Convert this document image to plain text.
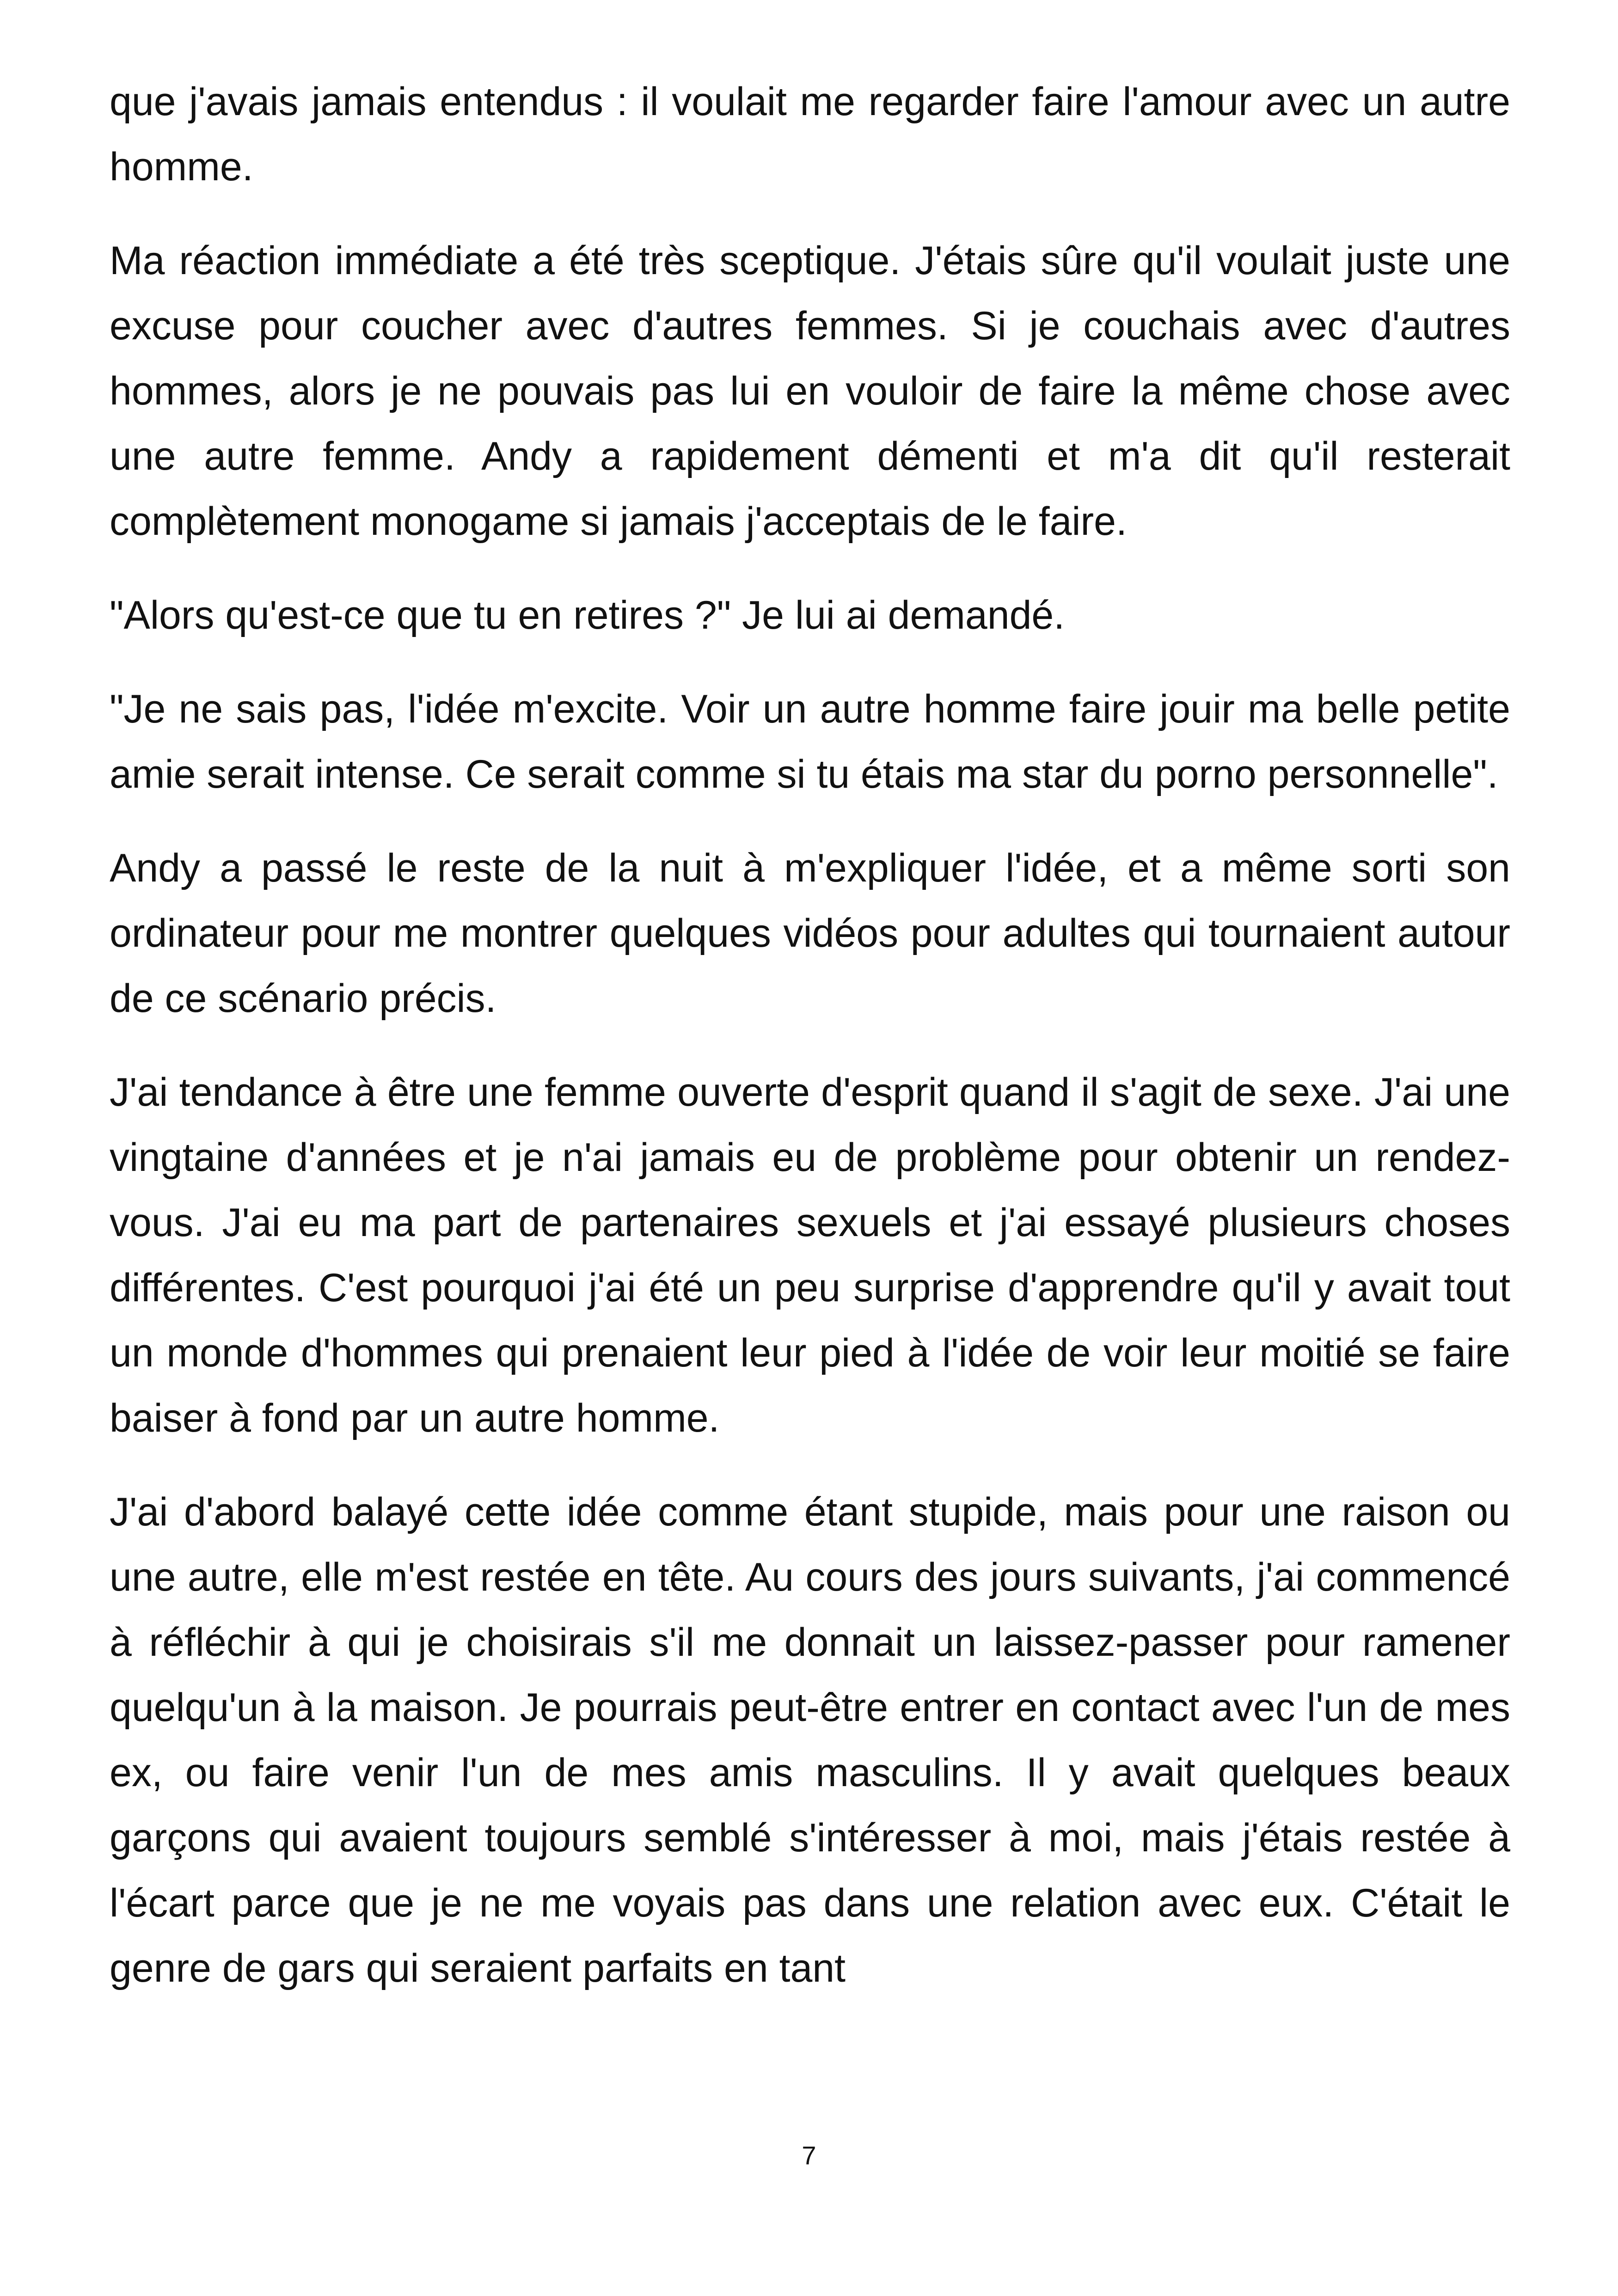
que j'avais jamais entendus : il voulait me regarder faire l'amour avec un autre homme.

Ma réaction immédiate a été très sceptique. J'étais sûre qu'il voulait juste une excuse pour coucher avec d'autres femmes. Si je couchais avec d'autres hommes, alors je ne pouvais pas lui en vouloir de faire la même chose avec une autre femme. Andy a rapidement démenti et m'a dit qu'il resterait complètement monogame si jamais j'acceptais de le faire.

"Alors qu'est-ce que tu en retires ?" Je lui ai demandé.

"Je ne sais pas, l'idée m'excite. Voir un autre homme faire jouir ma belle petite amie serait intense. Ce serait comme si tu étais ma star du porno personnelle".

Andy a passé le reste de la nuit à m'expliquer l'idée, et a même sorti son ordinateur pour me montrer quelques vidéos pour adultes qui tournaient autour de ce scénario précis.

J'ai tendance à être une femme ouverte d'esprit quand il s'agit de sexe. J'ai une vingtaine d'années et je n'ai jamais eu de problème pour obtenir un rendez-vous. J'ai eu ma part de partenaires sexuels et j'ai essayé plusieurs choses différentes. C'est pourquoi j'ai été un peu surprise d'apprendre qu'il y avait tout un monde d'hommes qui prenaient leur pied à l'idée de voir leur moitié se faire baiser à fond par un autre homme.

J'ai d'abord balayé cette idée comme étant stupide, mais pour une raison ou une autre, elle m'est restée en tête. Au cours des jours suivants, j'ai commencé à réfléchir à qui je choisirais s'il me donnait un laissez-passer pour ramener quelqu'un à la maison. Je pourrais peut-être entrer en contact avec l'un de mes ex, ou faire venir l'un de mes amis masculins. Il y avait quelques beaux garçons qui avaient toujours semblé s'intéresser à moi, mais j'étais restée à l'écart parce que je ne me voyais pas dans une relation avec eux. C'était le genre de gars qui seraient parfaits en tant

7
